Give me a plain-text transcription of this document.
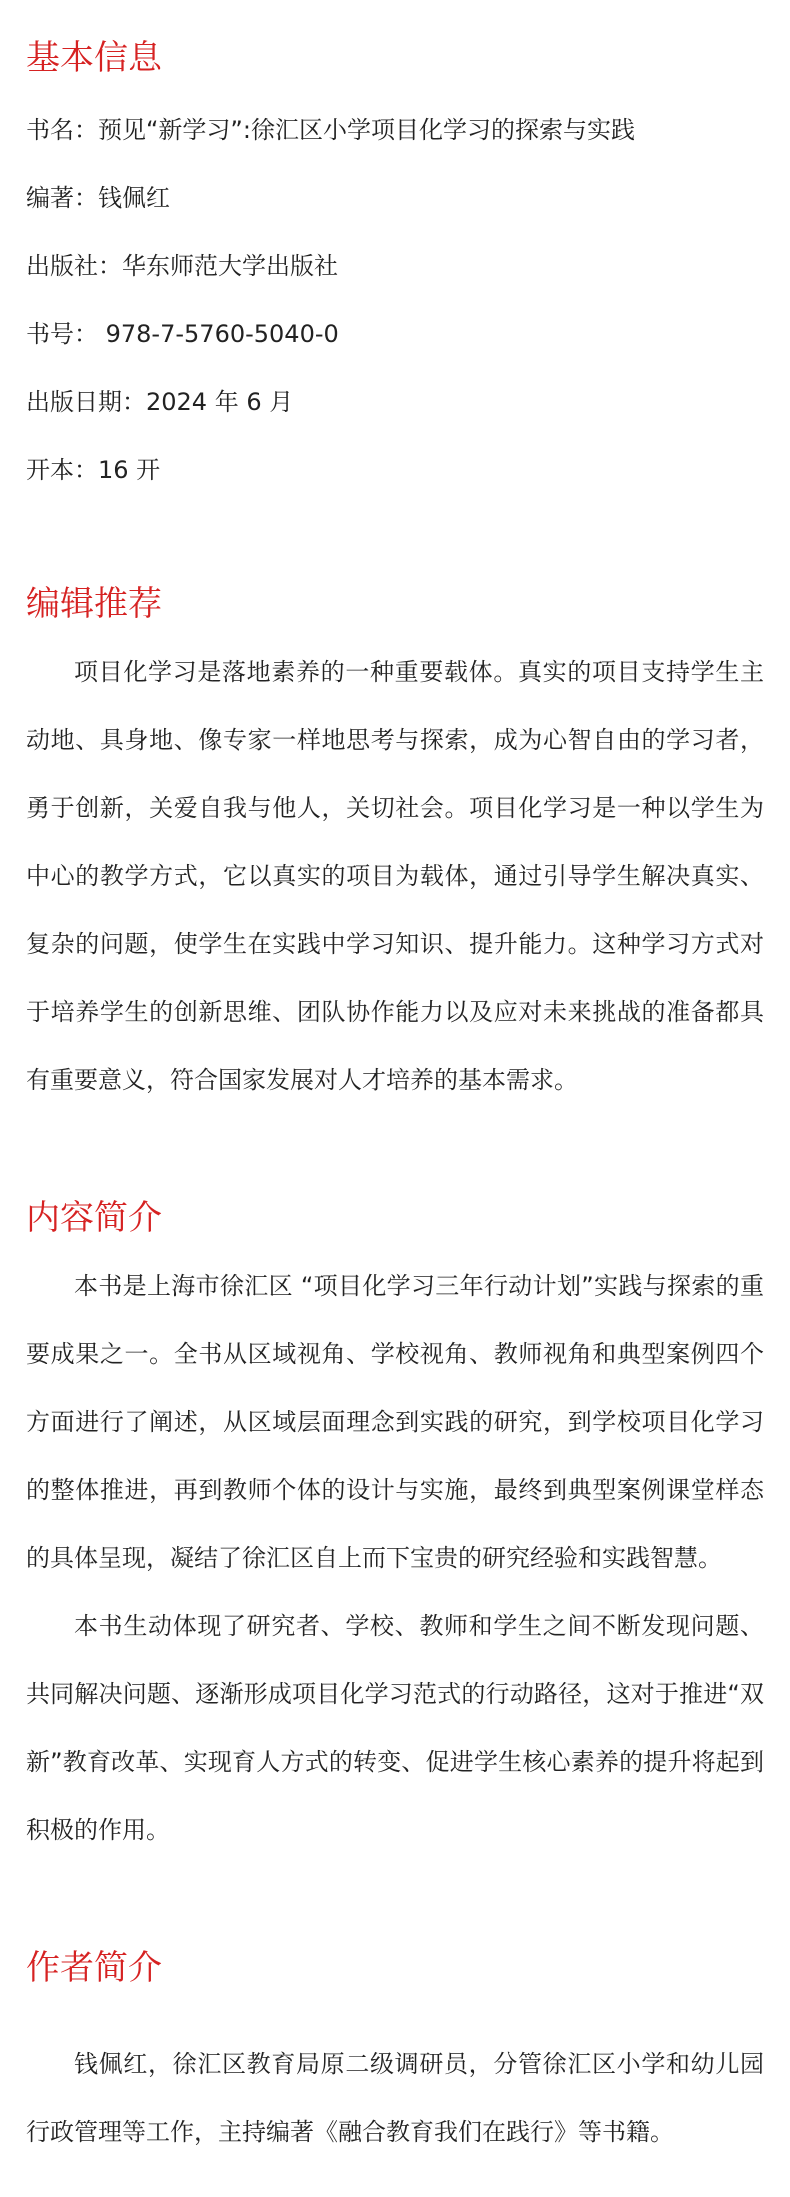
基本信息

书名：预见“新学习”:徐汇区小学项目化学习的探索与实践

编著：钱佩红

出版社：华东师范大学出版社

书号： 978-7-5760-5040-0

出版日期：2024 年 6 月

开本：16 开

编辑推荐

项目化学习是落地素养的一种重要载体。真实的项目支持学生主动地、具身地、像专家一样地思考与探索，成为心智自由的学习者，勇于创新，关爱自我与他人，关切社会。项目化学习是一种以学生为中心的教学方式，它以真实的项目为载体，通过引导学生解决真实、复杂的问题，使学生在实践中学习知识、提升能力。这种学习方式对于培养学生的创新思维、团队协作能力以及应对未来挑战的准备都具有重要意义，符合国家发展对人才培养的基本需求。

内容简介

本书是上海市徐汇区 “项目化学习三年行动计划”实践与探索的重要成果之一。全书从区域视角、学校视角、教师视角和典型案例四个方面进行了阐述，从区域层面理念到实践的研究，到学校项目化学习的整体推进，再到教师个体的设计与实施，最终到典型案例课堂样态的具体呈现，凝结了徐汇区自上而下宝贵的研究经验和实践智慧。

本书生动体现了研究者、学校、教师和学生之间不断发现问题、共同解决问题、逐渐形成项目化学习范式的行动路径，这对于推进“双新”教育改革、实现育人方式的转变、促进学生核心素养的提升将起到积极的作用。

作者简介

钱佩红，徐汇区教育局原二级调研员，分管徐汇区小学和幼儿园行政管理等工作，主持编著《融合教育我们在践行》等书籍。
